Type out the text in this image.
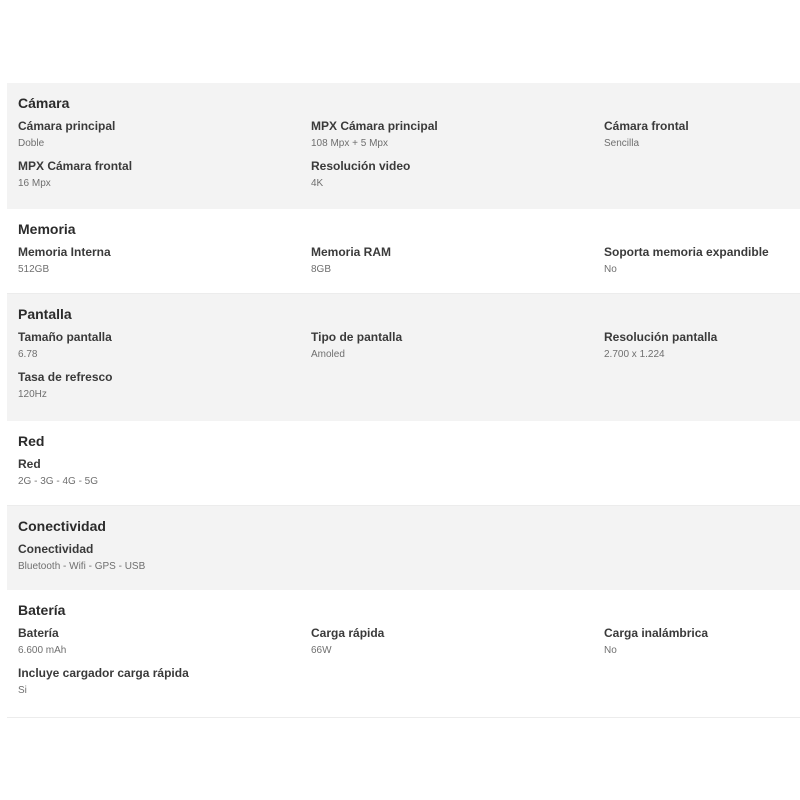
Cámara
Cámara principal
Doble
MPX Cámara principal
108 Mpx + 5 Mpx
Cámara frontal
Sencilla
MPX Cámara frontal
16 Mpx
Resolución video
4K
Memoria
Memoria Interna
512GB
Memoria RAM
8GB
Soporta memoria expandible
No
Pantalla
Tamaño pantalla
6.78
Tipo de pantalla
Amoled
Resolución pantalla
2.700 x 1.224
Tasa de refresco
120Hz
Red
Red
2G - 3G - 4G - 5G
Conectividad
Conectividad
Bluetooth - Wifi - GPS - USB
Batería
Batería
6.600 mAh
Carga rápida
66W
Carga inalámbrica
No
Incluye cargador carga rápida
Si
